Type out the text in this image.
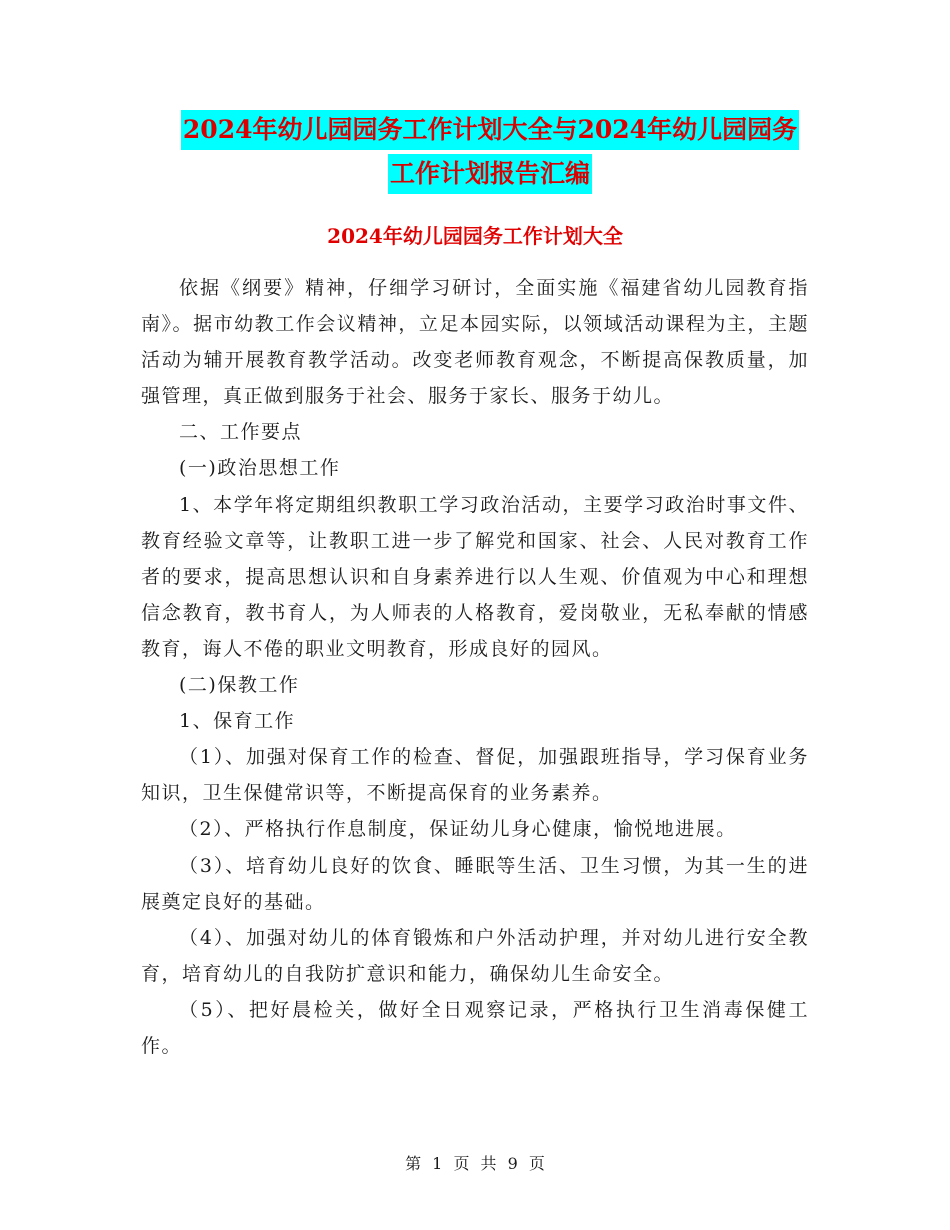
2024年幼儿园园务工作计划大全与2024年幼儿园园务
工作计划报告汇编
2024年幼儿园园务工作计划大全

依据《纲要》精神，仔细学习研讨，全面实施《福建省幼儿园教育指南》。据市幼教工作会议精神，立足本园实际，以领域活动课程为主，主题活动为辅开展教育教学活动。改变老师教育观念，不断提高保教质量，加强管理，真正做到服务于社会、服务于家长、服务于幼儿。

二、工作要点

(一)政治思想工作

1、本学年将定期组织教职工学习政治活动，主要学习政治时事文件、教育经验文章等，让教职工进一步了解党和国家、社会、人民对教育工作者的要求，提高思想认识和自身素养进行以人生观、价值观为中心和理想信念教育，教书育人，为人师表的人格教育，爱岗敬业，无私奉献的情感教育，诲人不倦的职业文明教育，形成良好的园风。

(二)保教工作

1、保育工作

（1）、加强对保育工作的检查、督促，加强跟班指导，学习保育业务知识，卫生保健常识等，不断提高保育的业务素养。

（2）、严格执行作息制度，保证幼儿身心健康，愉悦地进展。

（3）、培育幼儿良好的饮食、睡眠等生活、卫生习惯，为其一生的进展奠定良好的基础。

（4）、加强对幼儿的体育锻炼和户外活动护理，并对幼儿进行安全教育，培育幼儿的自我防扩意识和能力，确保幼儿生命安全。

（5）、把好晨检关，做好全日观察记录，严格执行卫生消毒保健工作。

第 1 页 共 9 页
